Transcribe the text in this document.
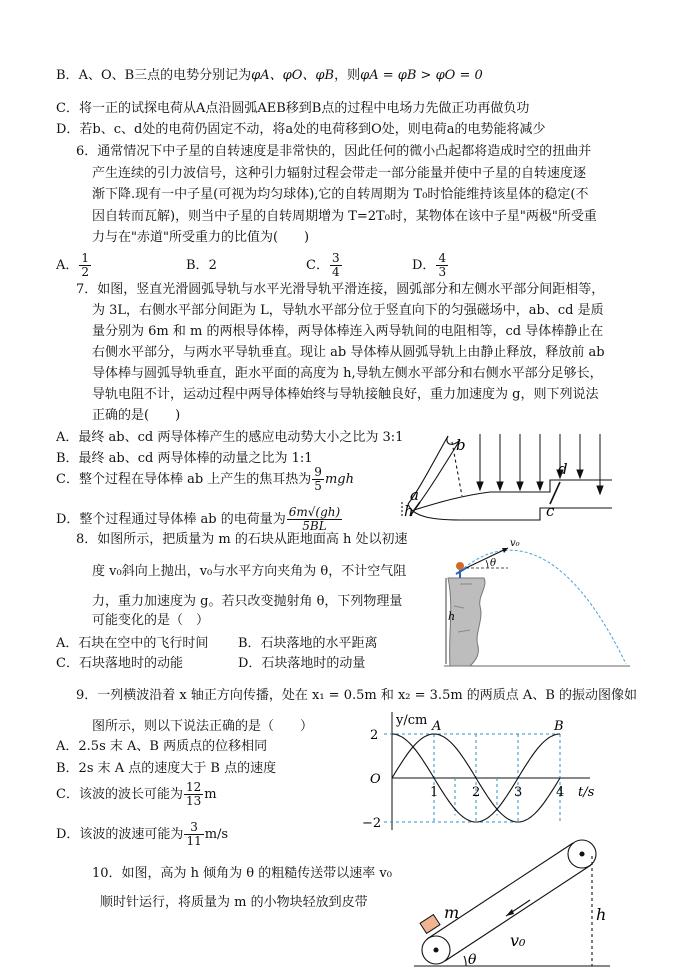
B．A、O、B三点的电势分别记为φA、φO、φB，则φA = φB > φO = 0
C．将一正的试探电荷从A点沿圆弧AEB移到B点的过程中电场力先做正功再做负功
D．若b、c、d处的电荷仍固定不动，将a处的电荷移到O处，则电荷a的电势能将减少
6．通常情况下中子星的自转速度是非常快的，因此任何的微小凸起都将造成时空的扭曲并
产生连续的引力波信号，这种引力辐射过程会带走一部分能量并使中子星的自转速度逐
渐下降.现有一中子星(可视为均匀球体),它的自转周期为 T₀时恰能维持该星体的稳定(不
因自转而瓦解)，则当中子星的自转周期增为 T=2T₀时，某物体在该中子星"两极"所受重
力与在"赤道"所受重力的比值为(　　)
A． $\frac{1}{2}$	B．2	C． $\frac{3}{4}$	D． $\frac{4}{3}$
7．如图，竖直光滑圆弧导轨与水平光滑导轨平滑连接，圆弧部分和左侧水平部分间距相等，
为 3L，右侧水平部分间距为 L，导轨水平部分位于竖直向下的匀强磁场中，ab、cd 是质
量分别为 6m 和 m 的两根导体棒，两导体棒连入两导轨间的电阻相等，cd 导体棒静止在
右侧水平部分，与两水平导轨垂直。现让 ab 导体棒从圆弧导轨上由静止释放，释放前 ab
导体棒与圆弧导轨垂直，距水平面的高度为 h,导轨左侧水平部分和右侧水平部分足够长，
导轨电阻不计，运动过程中两导体棒始终与导轨接触良好，重力加速度为 g，则下列说法
正确的是(　　)
A．最终 ab、cd 两导体棒产生的感应电动势大小之比为 3:1
B．最终 ab、cd 两导体棒的动量之比为 1:1
C．整个过程在导体棒 ab 上产生的焦耳热为 $\frac{9}{5}$ mgh
D．整个过程通过导体棒 ab 的电荷量为 $\frac{6m√(gh)}{5BL}$
b
a
h
d
c
8．如图所示，把质量为 m 的石块从距地面高 h 处以初速
度 v₀斜向上抛出，v₀与水平方向夹角为 θ，不计空气阻
力，重力加速度为 g。若只改变抛射角 θ，下列物理量
可能变化的是（　）
A．石块在空中的飞行时间 B．石块落地的水平距离
C．石块落地时的动能	D．石块落地时的动量
v₀
θ
h
9．一列横波沿着 x 轴正方向传播，处在 x₁ = 0.5m 和 x₂ = 3.5m 的两质点 A、B 的振动图像如
图所示，则以下说法正确的是（　　）
A．2.5s 末 A、B 两质点的位移相同
B．2s 末 A 点的速度大于 B 点的速度
C．该波的波长可能为 $\frac{12}{13}$ m
D．该波的波速可能为 $\frac{3}{11} m/s$
y/cm
t/s
1	2	3	4
2
O
−2
A	B
10．如图，高为 h 倾角为 θ 的粗糙传送带以速率 v₀
顺时针运行，将质量为 m 的小物块轻放到皮带
m
v₀
h
θ
